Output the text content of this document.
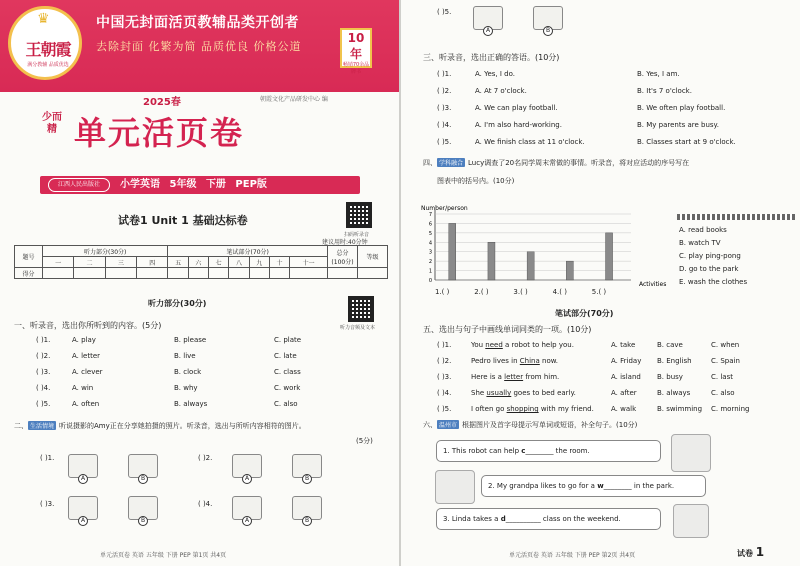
♛
王朝霞
满分教辅 品质优选
中国无封面活页教辅品类开创者
去除封面 化繁为简 品质优良 价格公道
10年
畅销70余品牌书
2025春	朝霞文化产品研发中心 编
少而精 单元活页卷
江西人民出版社	小学英语 5年级 下册 PEP版
试卷1 Unit 1 基础达标卷
扫码听录音
建议用时:40分钟
题号	听力部分(30分)				笔试部分(70分)							总分
(100分)	等级
	一	二	三	四	五	六	七	八	九	十	十一		
得分													
听力部分(30分)
听力音频及文本
一、听录音，选出你所听到的内容。(5分)
( )1.	A. play	B. please	C. plate
( )2.	A. letter	B. live	C. late
( )3.	A. clever	B. clock	C. class
( )4.	A. win	B. why	C. work
( )5.	A. often	B. always	C. also
二、 生活情境 听说摄影的Amy正在分享她拍摄的照片。听录音，选出与所听内容相符的图片。
(5分)
( )1.
A	B
( )2.
A	B
( )3.
A	B
( )4.
A	B
单元活页卷 英语 五年级 下册 PEP 第1页 共4页
( )5.
A	B
三、听录音，选出正确的答语。(10分)
( )1.	A. Yes, I do.	B. Yes, I am.
( )2.	A. At 7 o'clock.	B. It's 7 o'clock.
( )3.	A. We can play football.	B. We often play football.
( )4.	A. I'm also hard-working.	B. My parents are busy.
( )5.	A. We finish class at 11 o'clock.	B. Classes start at 9 o'clock.
四、 学科融合 Lucy调查了20名同学周末常做的事情。听录音，将对应活动的序号写在
图表中的括号内。(10分)
Number/person
0
1
2
3
4
5
6
7
Activities
A. read books
B. watch TV
C. play ping-pong
D. go to the park
E. wash the clothes
笔试部分(70分)
五、选出与句子中画线单词同类的一项。(10分)
( )1.	You need a robot to help you.	A. take	B. cave	C. when
( )2.	Pedro lives in China now.	A. Friday B. English	C. Spain
( )3.	Here is a letter from him.	A. island B. busy	C. last
( )4.	She usually goes to bed early.	A. after	B. always	C. also
( )5.	I often go shopping with my friend. A. walk	B. swimming C. morning
六、 温州市 根据图片及首字母提示写单词或短语，补全句子。(10分)
1. This robot can help c________ the room.
2. My grandpa likes to go for a w________ in the park.
3. Linda takes a d__________ class on the weekend.
单元活页卷 英语 五年级 下册 PEP 第2页 共4页	试卷 1
1.( )	2.( )	3.( )	4.( )	5.( )
